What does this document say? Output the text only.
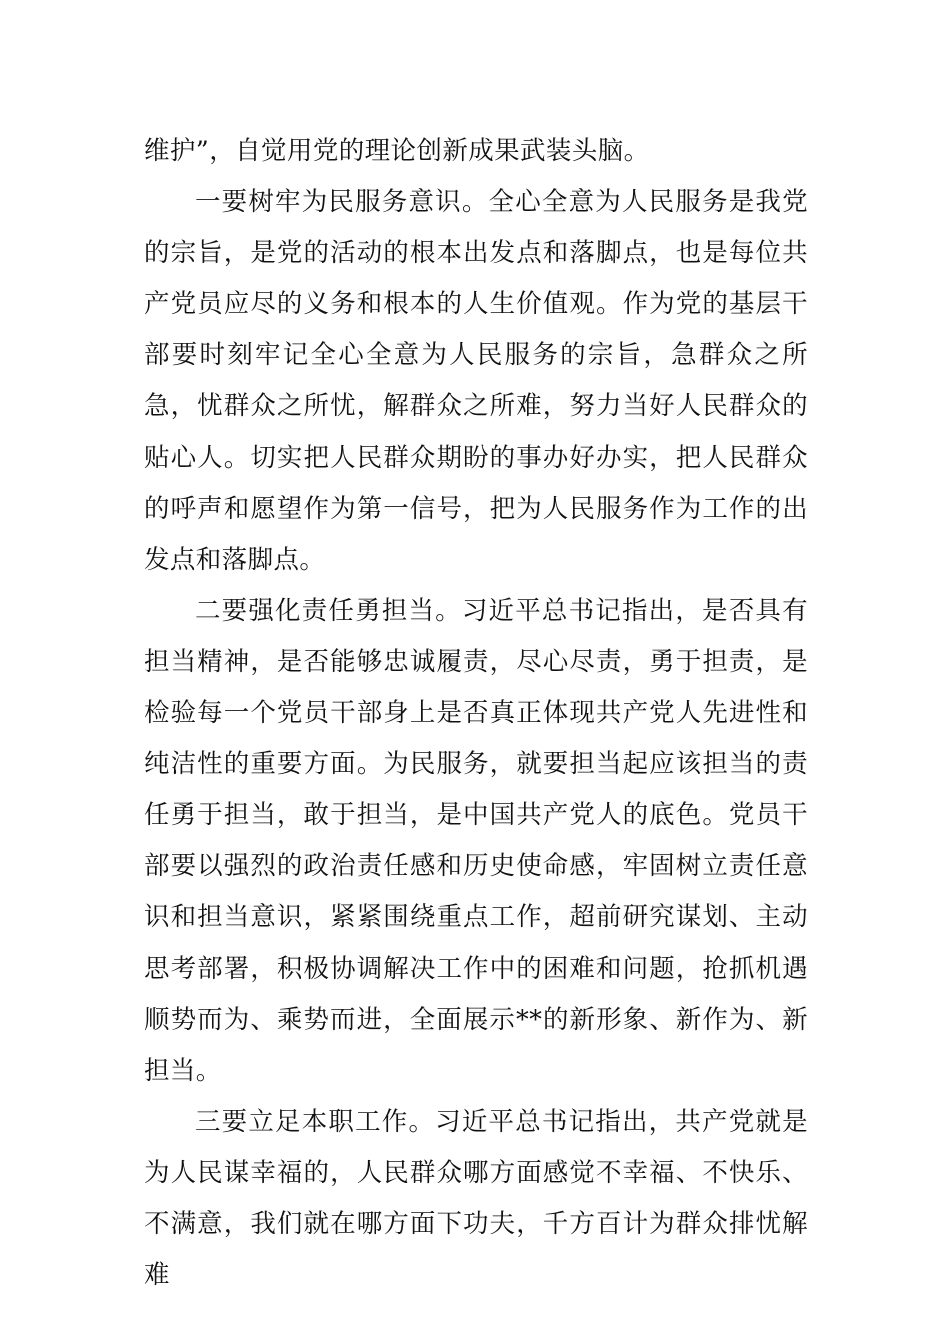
维护”，自觉用党的理论创新成果武装头脑。

一要树牢为民服务意识。全心全意为人民服务是我党的宗旨，是党的活动的根本出发点和落脚点，也是每位共产党员应尽的义务和根本的人生价值观。作为党的基层干部要时刻牢记全心全意为人民服务的宗旨，急群众之所急，忧群众之所忧，解群众之所难，努力当好人民群众的贴心人。切实把人民群众期盼的事办好办实，把人民群众的呼声和愿望作为第一信号，把为人民服务作为工作的出发点和落脚点。

二要强化责任勇担当。习近平总书记指出，是否具有担当精神，是否能够忠诚履责，尽心尽责，勇于担责，是检验每一个党员干部身上是否真正体现共产党人先进性和纯洁性的重要方面。为民服务，就要担当起应该担当的责任勇于担当，敢于担当，是中国共产党人的底色。党员干部要以强烈的政治责任感和历史使命感，牢固树立责任意识和担当意识，紧紧围绕重点工作，超前研究谋划、主动思考部署，积极协调解决工作中的困难和问题，抢抓机遇顺势而为、乘势而进，全面展示**的新形象、新作为、新担当。

三要立足本职工作。习近平总书记指出，共产党就是为人民谋幸福的，人民群众哪方面感觉不幸福、不快乐、不满意，我们就在哪方面下功夫，千方百计为群众排忧解难
